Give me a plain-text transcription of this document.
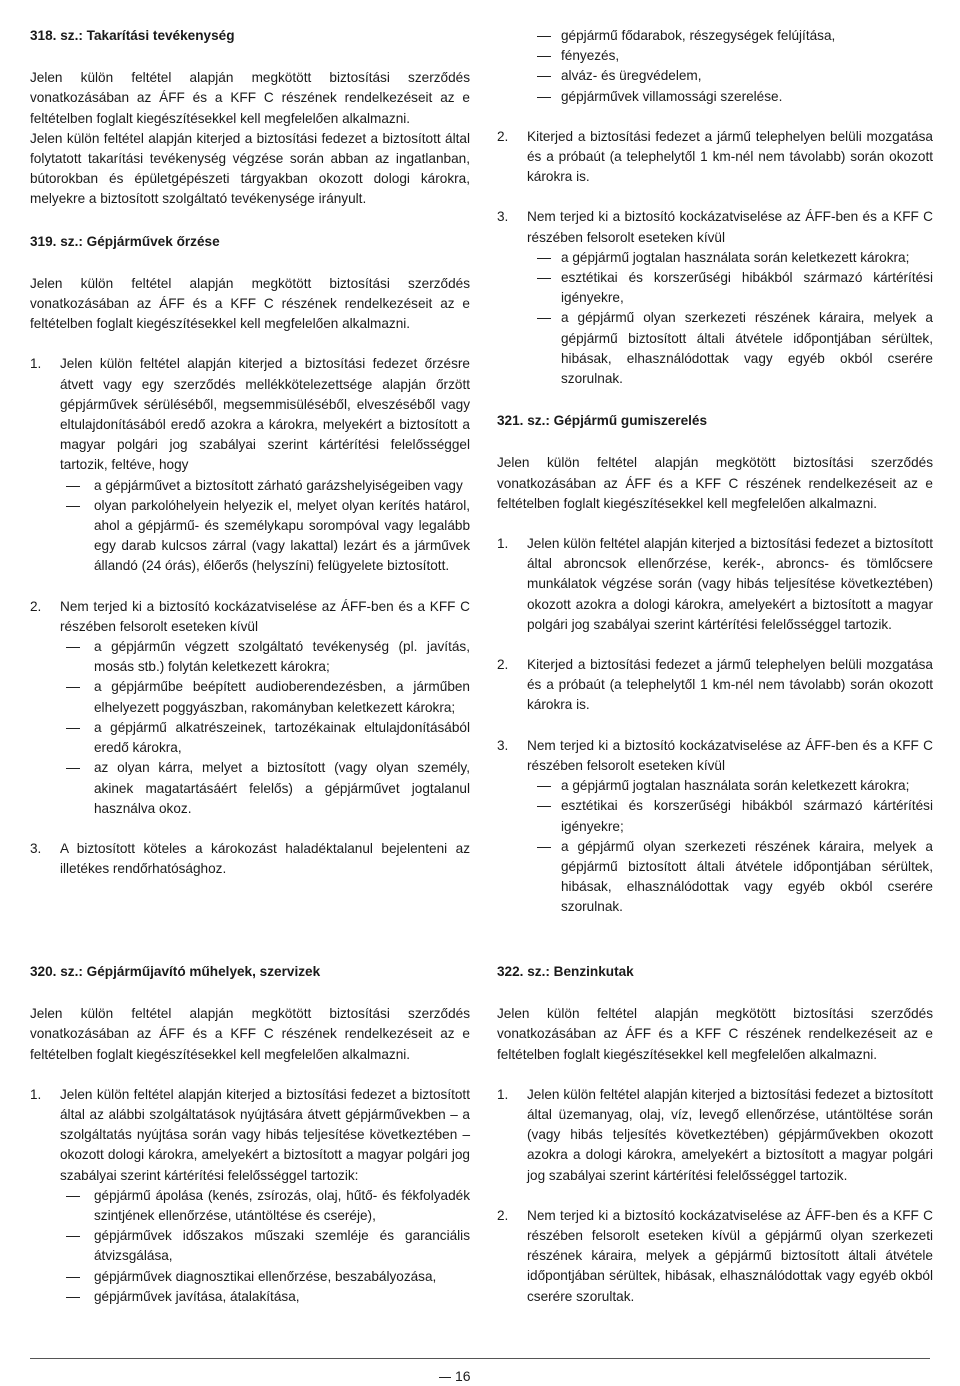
318. sz.: Takarítási tevékenység

Jelen külön feltétel alapján megkötött biztosítási szerződés vonatkozásában az ÁFF és a KFF C részének rendelkezéseit az e feltételben foglalt kiegészítésekkel kell megfelelően alkalmazni.

Jelen külön feltétel alapján kiterjed a biztosítási fedezet a biztosított által folytatott takarítási tevékenység végzése során abban az ingatlanban, bútorokban és épületgépészeti tárgyakban okozott dologi károkra, melyekre a biztosított szolgáltató tevékenysége irányult.

319. sz.: Gépjárművek őrzése

Jelen külön feltétel alapján megkötött biztosítási szerződés vonatkozásában az ÁFF és a KFF C részének rendelkezéseit az e feltételben foglalt kiegészítésekkel kell megfelelően alkalmazni.

1.	Jelen külön feltétel alapján kiterjed a biztosítási fedezet őrzésre átvett vagy egy szerződés mellékkötelezettsége alapján őrzött gépjárművek sérüléséből, megsemmisüléséből, elveszéséből vagy eltulajdonításából eredő azokra a károkra, melyekért a biztosított a magyar polgári jog szabályai szerint kártérítési felelősséggel tartozik, feltéve, hogy

a gépjárművet a biztosított zárható garázshelyiségeiben vagy

olyan parkolóhelyein helyezik el, melyet olyan kerítés határol, ahol a gépjármű- és személykapu sorompóval vagy legalább egy darab kulcsos zárral (vagy lakattal) lezárt és a járművek állandó (24 órás), élőerős (helyszíni) felügyelete biztosított.

2.	Nem terjed ki a biztosító kockázatviselése az ÁFF-ben és a KFF C részében felsorolt eseteken kívül

a gépjárműn végzett szolgáltató tevékenység (pl. javítás, mosás stb.) folytán keletkezett károkra;

a gépjárműbe beépített audioberendezésben, a járműben elhelyezett poggyászban, rakományban keletkezett károkra;

a gépjármű alkatrészeinek, tartozékainak eltulajdonításából eredő károkra,

az olyan kárra, melyet a biztosított (vagy olyan személy, akinek magatartásáért felelős) a gépjárművet jogtalanul használva okoz.

3.	A biztosított köteles a károkozást haladéktalanul bejelenteni az illetékes rendőrhatósághoz.

gépjármű fődarabok, részegységek felújítása,

fényezés,

alváz- és üregvédelem,

gépjárművek villamossági szerelése.

2.	Kiterjed a biztosítási fedezet a jármű telephelyen belüli mozgatása és a próbaút (a telephelytől 1 km-nél nem távolabb) során okozott károkra is.

3.	Nem terjed ki a biztosító kockázatviselése az ÁFF-ben és a KFF C részében felsorolt eseteken kívül

a gépjármű jogtalan használata során keletkezett károkra;

esztétikai és korszerűségi hibákból származó kártérítési igényekre,

a gépjármű olyan szerkezeti részének káraira, melyek a gépjármű biztosított általi átvétele időpontjában sérültek, hibásak, elhasználódottak vagy egyéb okból cserére szorulnak.

321. sz.: Gépjármű gumiszerelés

Jelen külön feltétel alapján megkötött biztosítási szerződés vonatkozásában az ÁFF és a KFF C részének rendelkezéseit az e feltételben foglalt kiegészítésekkel kell megfelelően alkalmazni.

1.	Jelen külön feltétel alapján kiterjed a biztosítási fedezet a biztosított által abroncsok ellenőrzése, kerék-, abroncs- és tömlőcsere munkálatok végzése során (vagy hibás teljesítése következtében) okozott azokra a dologi károkra, amelyekért a biztosított a magyar polgári jog szabályai szerint kártérítési felelősséggel tartozik.

2.	Kiterjed a biztosítási fedezet a jármű telephelyen belüli mozgatása és a próbaút (a telephelytől 1 km-nél nem távolabb) során okozott károkra is.

3.	Nem terjed ki a biztosító kockázatviselése az ÁFF-ben és a KFF C részében felsorolt eseteken kívül

a gépjármű jogtalan használata során keletkezett károkra;

esztétikai és korszerűségi hibákból származó kártérítési igényekre;

a gépjármű olyan szerkezeti részének káraira, melyek a gépjármű biztosított általi átvétele időpontjában sérültek, hibásak, elhasználódottak vagy egyéb okból cserére szorulnak.

320. sz.: Gépjárműjavító műhelyek, szervizek

Jelen külön feltétel alapján megkötött biztosítási szerződés vonatkozásában az ÁFF és a KFF C részének rendelkezéseit az e feltételben foglalt kiegészítésekkel kell megfelelően alkalmazni.

1.	Jelen külön feltétel alapján kiterjed a biztosítási fedezet a biztosított által az alábbi szolgáltatások nyújtására átvett gépjárművekben – a szolgáltatás nyújtása során vagy hibás teljesítése következtében – okozott dologi károkra, amelyekért a biztosított a magyar polgári jog szabályai szerint kártérítési felelősséggel tartozik:

gépjármű ápolása (kenés, zsírozás, olaj, hűtő- és fékfolyadék szintjének ellenőrzése, utántöltése és cseréje),

gépjárművek időszakos műszaki szemléje és garanciális átvizsgálása,

gépjárművek diagnosztikai ellenőrzése, beszabályozása,

gépjárművek javítása, átalakítása,

322. sz.: Benzinkutak

Jelen külön feltétel alapján megkötött biztosítási szerződés vonatkozásában az ÁFF és a KFF C részének rendelkezéseit az e feltételben foglalt kiegészítésekkel kell megfelelően alkalmazni.

1.	Jelen külön feltétel alapján kiterjed a biztosítási fedezet a biztosított által üzemanyag, olaj, víz, levegő ellenőrzése, utántöltése során (vagy hibás teljesítés következtében) gépjárművekben okozott azokra a dologi károkra, amelyekért a biztosított a magyar polgári jog szabályai szerint kártérítési felelősséggel tartozik.

2.	Nem terjed ki a biztosító kockázatviselése az ÁFF-ben és a KFF C részében felsorolt eseteken kívül a gépjármű olyan szerkezeti részének káraira, melyek a gépjármű biztosított általi átvétele időpontjában sérültek, hibásak, elhasználódottak vagy egyéb okból cserére szorultak.

16
